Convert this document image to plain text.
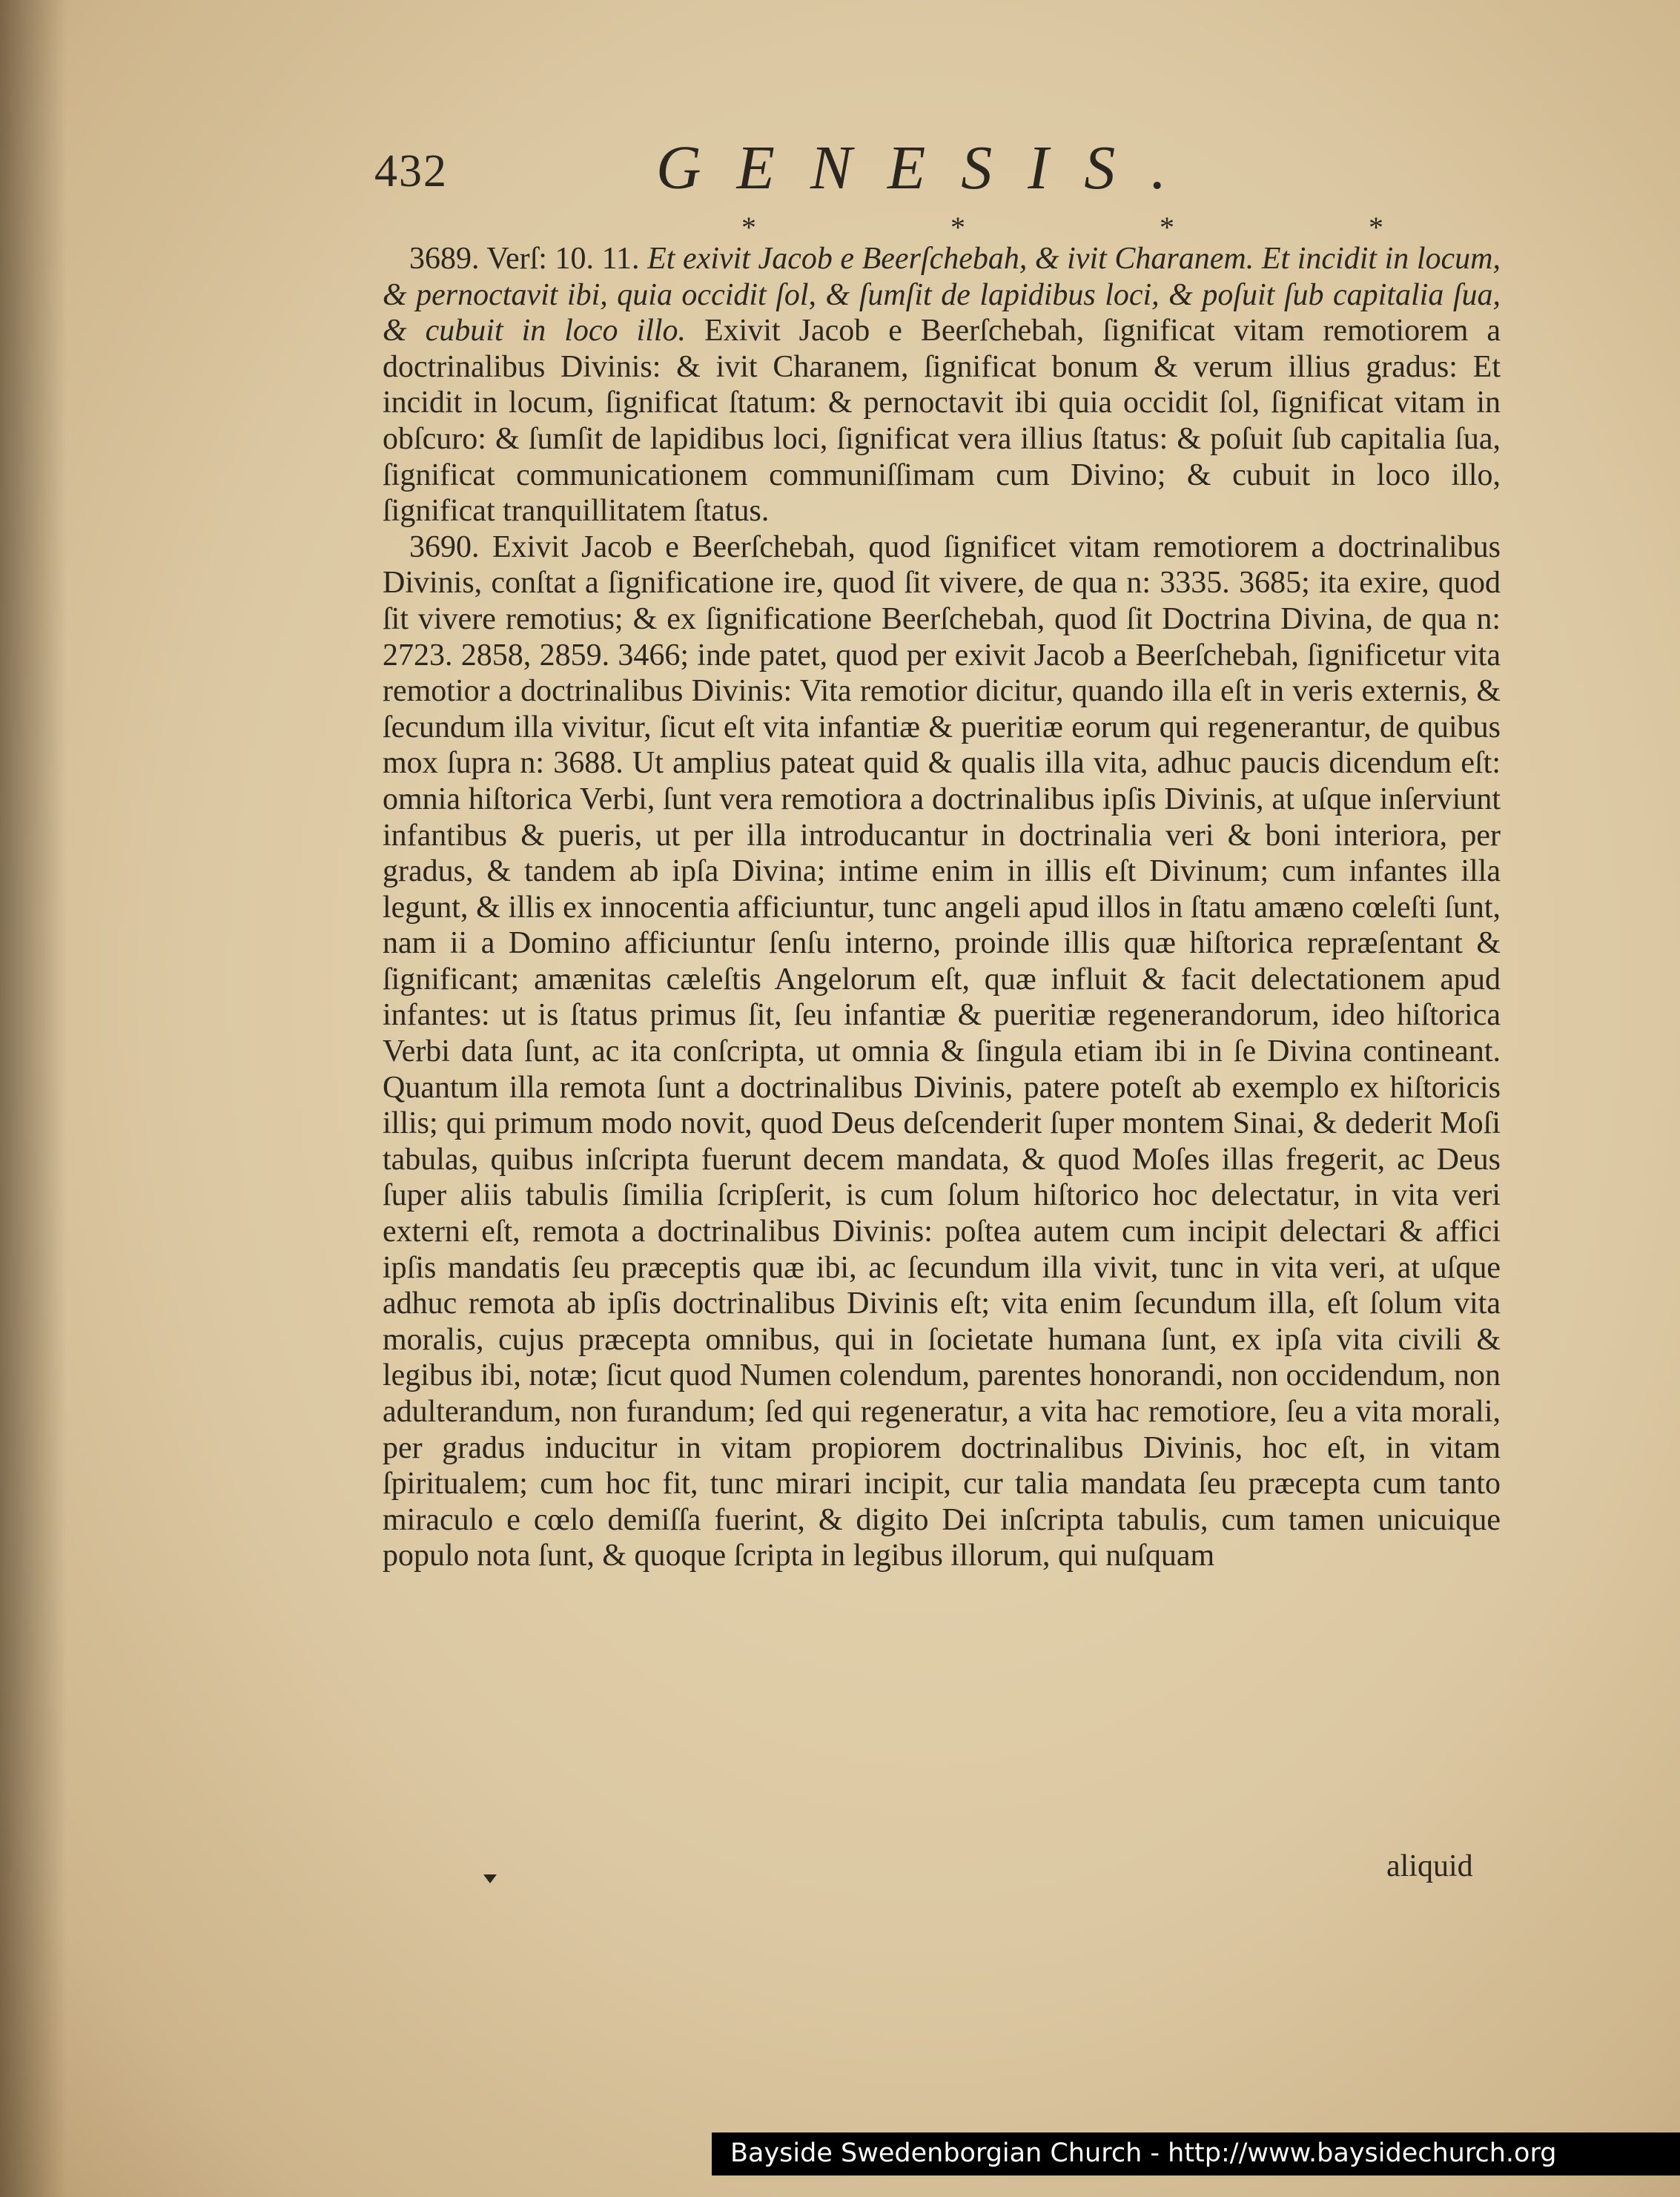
432	GENESIS.
* * * *

3689. Verſ: 10. 11. Et exivit Jacob e Beerſchebah, & ivit Charanem. Et incidit in locum, & pernoctavit ibi, quia occidit ſol, & ſumſit de lapidibus loci, & poſuit ſub capitalia ſua, & cubuit in loco illo. Exivit Jacob e Beerſchebah, ſignificat vitam remotiorem a doctrinalibus Divinis: & ivit Charanem, ſignificat bonum & verum illius gradus: Et incidit in locum, ſignificat ſtatum: & pernoctavit ibi quia occidit ſol, ſignificat vitam in obſcuro: & ſumſit de lapidibus loci, ſignificat vera illius ſtatus: & poſuit ſub capitalia ſua, ſignificat communicationem communiſſimam cum Divino; & cubuit in loco illo, ſignificat tranquillitatem ſtatus.

3690. Exivit Jacob e Beerſchebah, quod ſignificet vitam remotiorem a doctrinalibus Divinis, conſtat a ſignificatione ire, quod ſit vivere, de qua n: 3335. 3685; ita exire, quod ſit vivere remotius; & ex ſignificatione Beerſchebah, quod ſit Doctrina Divina, de qua n: 2723. 2858, 2859. 3466; inde patet, quod per exivit Jacob a Beerſchebah, ſignificetur vita remotior a doctrinalibus Divinis: Vita remotior dicitur, quando illa eſt in veris externis, & ſecundum illa vivitur, ſicut eſt vita infantiæ & pueritiæ eorum qui regenerantur, de quibus mox ſupra n: 3688. Ut amplius pateat quid & qualis illa vita, adhuc paucis dicendum eſt: omnia hiſtorica Verbi, ſunt vera remotiora a doctrinalibus ipſis Divinis, at uſque inſerviunt infantibus & pueris, ut per illa introducantur in doctrinalia veri & boni interiora, per gradus, & tandem ab ipſa Divina; intime enim in illis eſt Divinum; cum infantes illa legunt, & illis ex innocentia afficiuntur, tunc angeli apud illos in ſtatu amæno cœleſti ſunt, nam ii a Domino afficiuntur ſenſu interno, proinde illis quæ hiſtorica repræſentant & ſignificant; amænitas cæleſtis Angelorum eſt, quæ influit & facit delectationem apud infantes: ut is ſtatus primus ſit, ſeu infantiæ & pueritiæ regenerandorum, ideo hiſtorica Verbi data ſunt, ac ita conſcripta, ut omnia & ſingula etiam ibi in ſe Divina contineant. Quantum illa remota ſunt a doctrinalibus Divinis, patere poteſt ab exemplo ex hiſtoricis illis; qui primum modo novit, quod Deus deſcenderit ſuper montem Sinai, & dederit Moſi tabulas, quibus inſcripta fuerunt decem mandata, & quod Moſes illas fregerit, ac Deus ſuper aliis tabulis ſimilia ſcripſerit, is cum ſolum hiſtorico hoc delectatur, in vita veri externi eſt, remota a doctrinalibus Divinis: poſtea autem cum incipit delectari & affici ipſis mandatis ſeu præceptis quæ ibi, ac ſecundum illa vivit, tunc in vita veri, at uſque adhuc remota ab ipſis doctrinalibus Divinis eſt; vita enim ſecundum illa, eſt ſolum vita moralis, cujus præcepta omnibus, qui in ſocietate humana ſunt, ex ipſa vita civili & legibus ibi, notæ; ſicut quod Numen colendum, parentes honorandi, non occidendum, non adulterandum, non furandum; ſed qui regeneratur, a vita hac remotiore, ſeu a vita morali, per gradus inducitur in vitam propiorem doctrinalibus Divinis, hoc eſt, in vitam ſpiritualem; cum hoc fit, tunc mirari incipit, cur talia mandata ſeu præcepta cum tanto miraculo e cœlo demiſſa fuerint, & digito Dei inſcripta tabulis, cum tamen unicuique populo nota ſunt, & quoque ſcripta in legibus illorum, qui nuſquam

aliquid
Bayside Swedenborgian Church - http://www.baysidechurch.org
